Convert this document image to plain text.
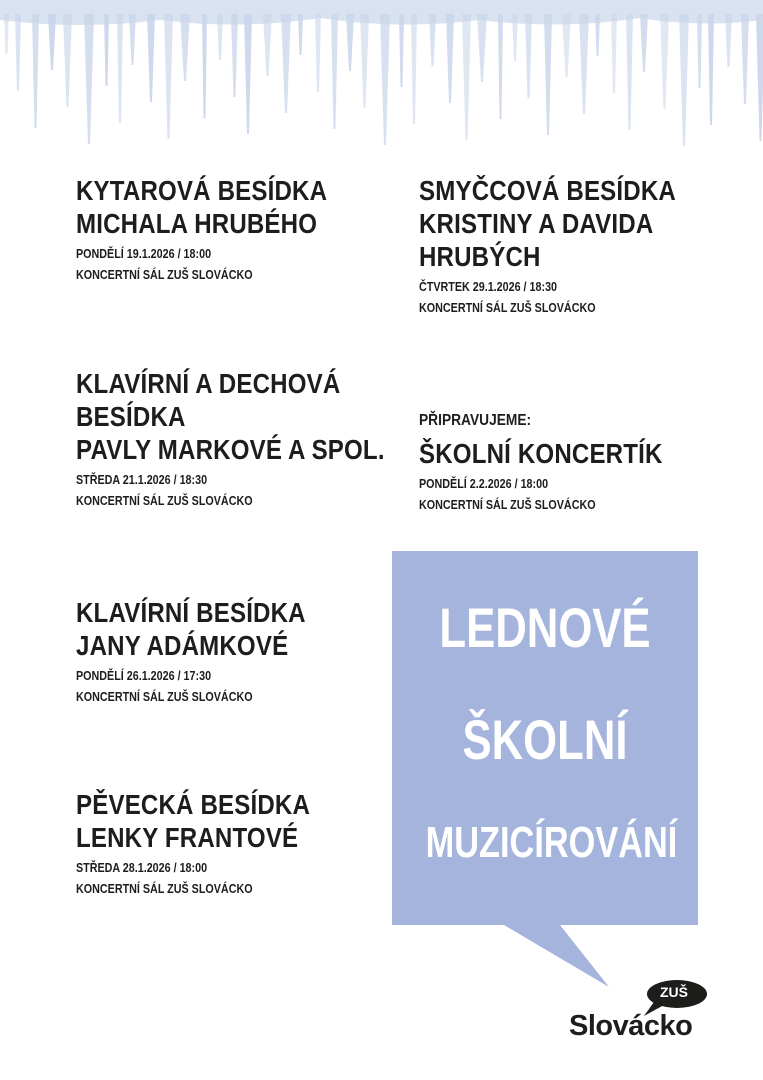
KYTAROVÁ BESÍDKA
MICHALA HRUBÉHO
PONDĚLÍ 19.1.2026 / 18:00
KONCERTNÍ SÁL ZUŠ SLOVÁCKO
KLAVÍRNÍ A DECHOVÁ
BESÍDKA
PAVLY MARKOVÉ A SPOL.
STŘEDA 21.1.2026 / 18:30
KONCERTNÍ SÁL ZUŠ SLOVÁCKO
KLAVÍRNÍ BESÍDKA
JANY ADÁMKOVÉ
PONDĚLÍ 26.1.2026 / 17:30
KONCERTNÍ SÁL ZUŠ SLOVÁCKO
PĚVECKÁ BESÍDKA
LENKY FRANTOVÉ
STŘEDA 28.1.2026 / 18:00
KONCERTNÍ SÁL ZUŠ SLOVÁCKO
SMYČCOVÁ BESÍDKA
KRISTINY A DAVIDA
HRUBÝCH
ČTVRTEK 29.1.2026 / 18:30
KONCERTNÍ SÁL ZUŠ SLOVÁCKO
PŘIPRAVUJEME:
ŠKOLNÍ KONCERTÍK
PONDĚLÍ 2.2.2026 / 18:00
KONCERTNÍ SÁL ZUŠ SLOVÁCKO
LEDNOVÉ
ŠKOLNÍ
MUZICÍROVÁNÍ
ZUŠ
Slovácko
